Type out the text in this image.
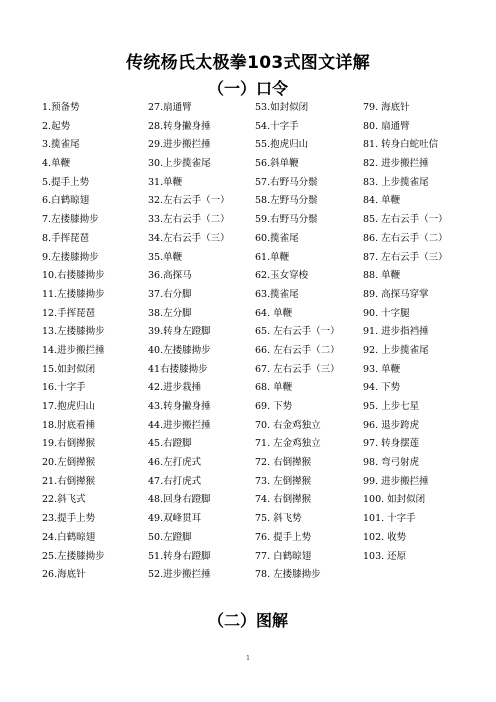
传统杨氏太极拳103式图文详解
（一）口令
1.预备势	27.扇通臂	53.如封似闭	79. 海底针
2.起势	28.转身撇身捶	54.十字手	80. 扇通臂
3.揽雀尾	29.进步搬拦捶	55.抱虎归山	81. 转身白蛇吐信
4.单鞭	30.上步揽雀尾	56.斜单鞭	82. 进步搬拦捶
5.提手上势	31.单鞭	57.右野马分鬃	83. 上步揽雀尾
6.白鹤晾翅	32.左右云手（一）	58.左野马分鬃	84. 单鞭
7.左搂膝拗步	33.左右云手（二）	59.右野马分鬃	85. 左右云手（一）
8.手挥琵琶	34.左右云手（三）	60.揽雀尾	86. 左右云手（二）
9.左搂膝拗步	35.单鞭	61.单鞭	87. 左右云手（三）
10.右搂膝拗步	36.高探马	62.玉女穿梭	88. 单鞭
11.左搂膝拗步	37.右分脚	63.揽雀尾	89. 高探马穿掌
12.手挥琵琶	38.左分脚	64. 单鞭	90. 十字腿
13.左搂膝拗步	39.转身左蹬脚	65. 左右云手（一）	91. 进步指裆捶
14.进步搬拦捶	40.左搂膝拗步	66. 左右云手（二）	92. 上步揽雀尾
15.如封似闭	41右搂膝拗步	67. 左右云手（三）	93. 单鞭
16.十字手	42.进步栽捶	68. 单鞭	94. 下势
17.抱虎归山	43.转身撇身捶	69. 下势	95. 上步七星
18.肘底看捶	44.进步搬拦捶	70. 右金鸡独立	96. 退步跨虎
19.右倒撵猴	45.右蹬脚	71. 左金鸡独立	97. 转身摆莲
20.左倒撵猴	46.左打虎式	72. 右倒撵猴	98. 弯弓射虎
21.右倒撵猴	47.右打虎式	73. 左倒撵猴	99. 进步搬拦捶
22.斜飞式	48.回身右蹬脚	74. 右倒撵猴	100. 如封似闭
23.提手上势	49.双峰贯耳	75. 斜飞势	101. 十字手
24.白鹤晾翅	50.左蹬脚	76. 提手上势	102. 收势
25.左搂膝拗步	51.转身右蹬脚	77. 白鹤晾翅	103. 还原
26.海底针	52.进步搬拦捶	78. 左搂膝拗步
（二）图解
1
